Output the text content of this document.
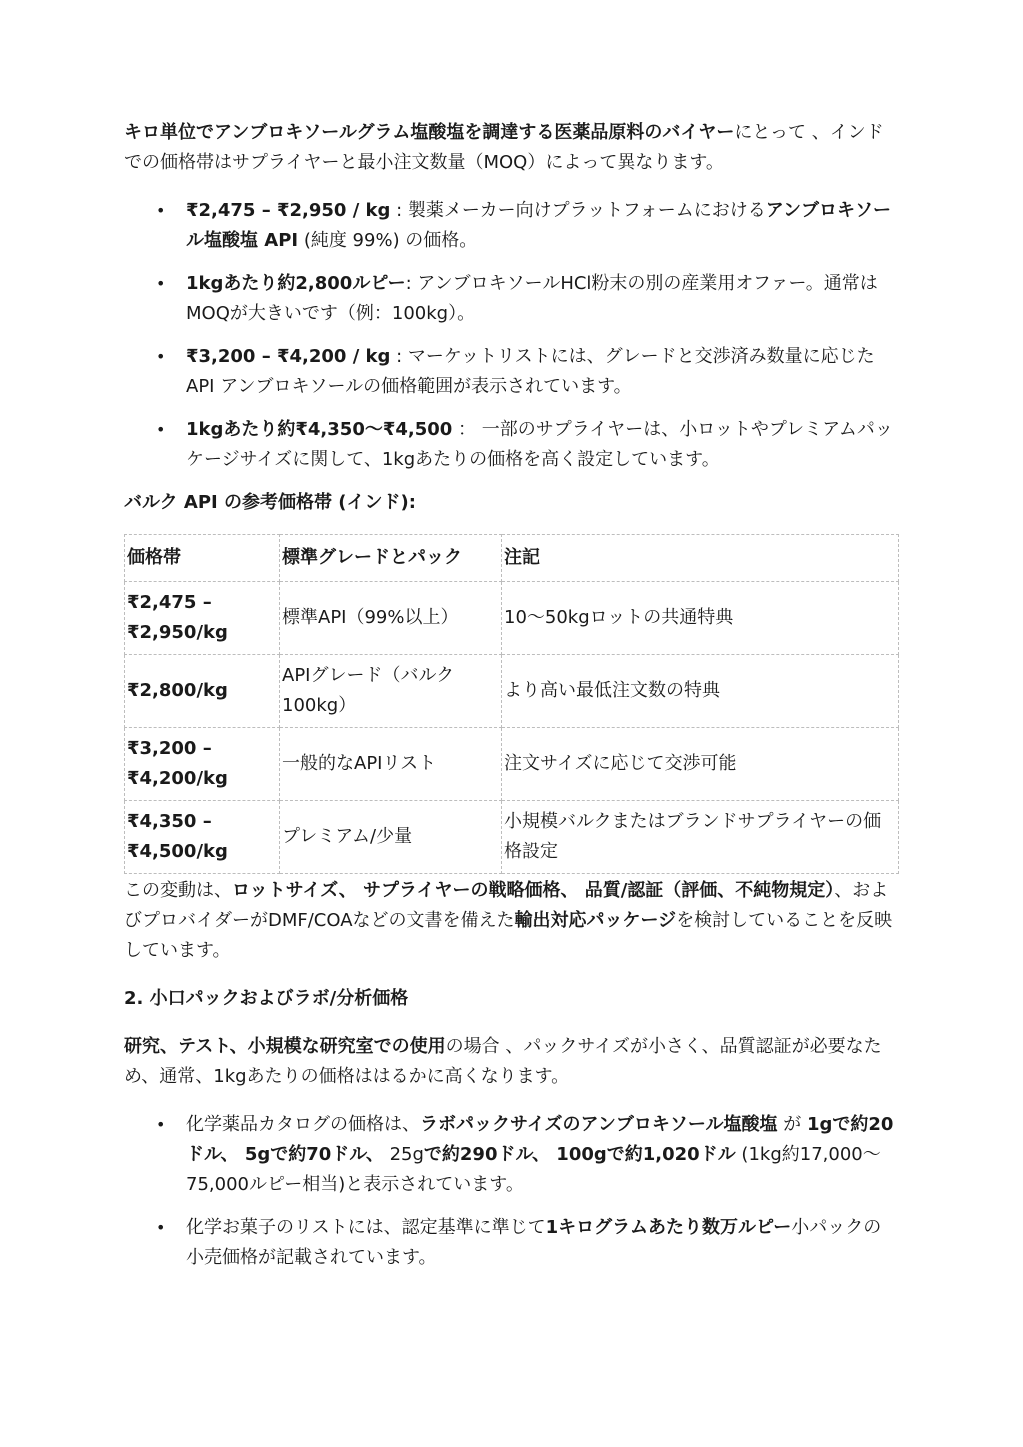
キロ単位でアンブロキソールグラム塩酸塩を調達する医薬品原料のバイヤーにとって 、インドでの価格帯はサプライヤーと最小注文数量（MOQ）によって異なります。

• ₹2,475 – ₹2,950 / kg : 製薬メーカー向けプラットフォームにおけるアンブロキソール塩酸塩 API (純度 99%) の価格。
• 1kgあたり約2,800ルピー: アンブロキソールHCl粉末の別の産業用オファー。通常はMOQが大きいです（例：100kg）。
• ₹3,200 – ₹4,200 / kg : マーケットリストには、グレードと交渉済み数量に応じた API アンブロキソールの価格範囲が表示されています。
• 1kgあたり約₹4,350〜₹4,500 ： 一部のサプライヤーは、小ロットやプレミアムパッケージサイズに関して、1kgあたりの価格を高く設定しています。

バルク API の参考価格帯 (インド):

価格帯	標準グレードとパック	注記
₹2,475 – ₹2,950/kg	標準API（99%以上）	10〜50kgロットの共通特典
₹2,800/kg	APIグレード（バルク100kg）	より高い最低注文数の特典
₹3,200 – ₹4,200/kg	一般的なAPIリスト	注文サイズに応じて交渉可能
₹4,350 – ₹4,500/kg	プレミアム/少量	小規模バルクまたはブランドサプライヤーの価格設定

この変動は、ロットサイズ、 サプライヤーの戦略価格、 品質/認証（評価、不純物規定）、およびプロバイダーがDMF/COAなどの文書を備えた輸出対応パッケージを検討していることを反映しています。

2. 小口パックおよびラボ/分析価格

研究、テスト、小規模な研究室での使用の場合 、パックサイズが小さく、品質認証が必要なため、通常、1kgあたりの価格ははるかに高くなります。

• 化学薬品カタログの価格は、ラボパックサイズのアンブロキソール塩酸塩 が 1gで約20ドル、 5gで約70ドル、 25gで約290ドル、 100gで約1,020ドル (1kg約17,000〜75,000ルピー相当)と表示されています。
• 化学お菓子のリストには、認定基準に準じて1キログラムあたり数万ルピー小パックの小売価格が記載されています。
